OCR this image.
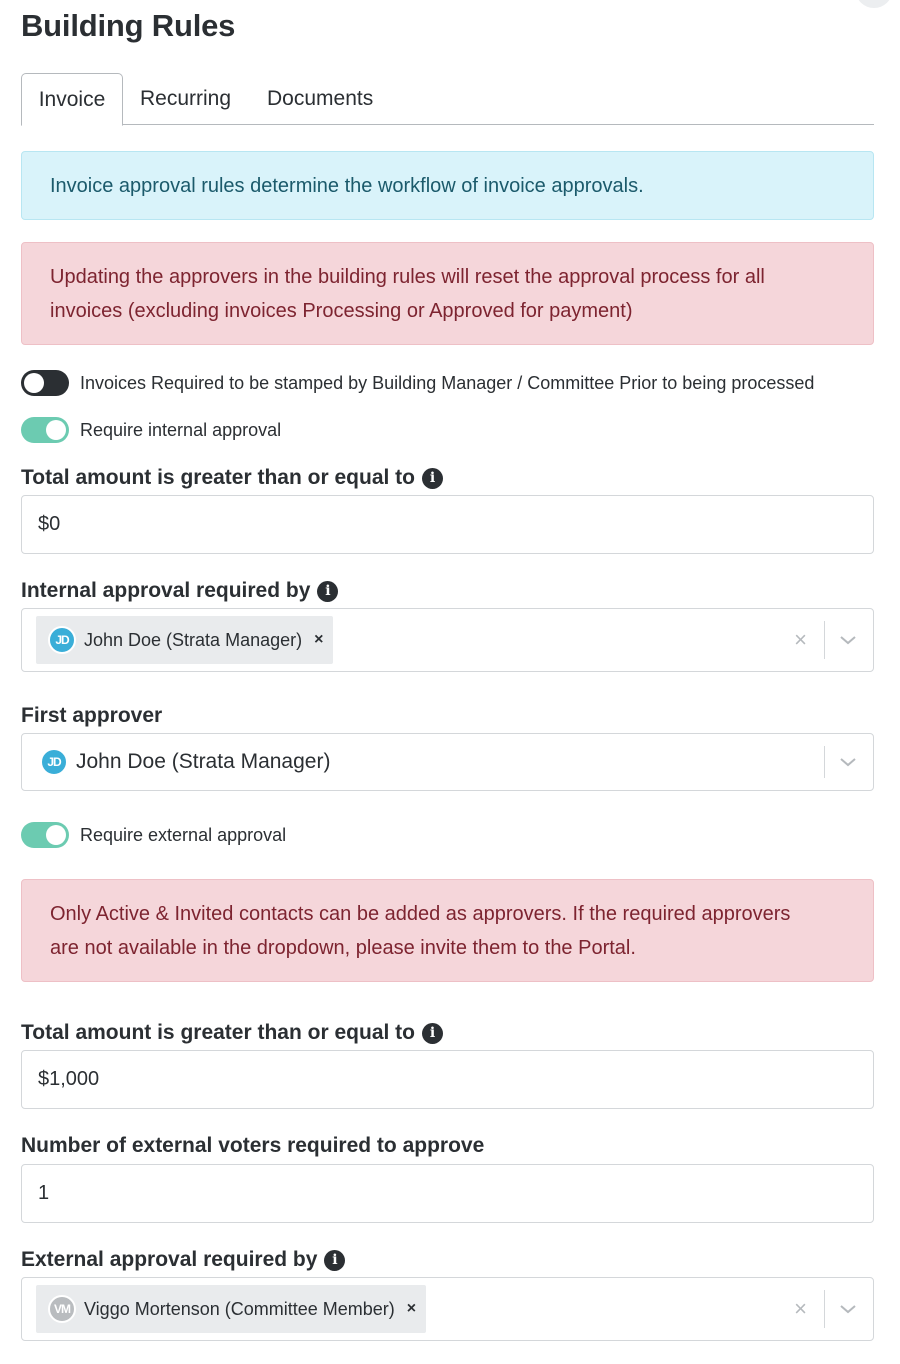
Building Rules
Invoice	Recurring Documents
Invoice approval rules determine the workflow of invoice approvals.
Updating the approvers in the building rules will reset the approval process for all
invoices (excluding invoices Processing or Approved for payment)
Invoices Required to be stamped by Building Manager / Committee Prior to being processed
Require internal approval
Total amount is greater than or equal to	i
$0
Internal approval required by	i
JD John Doe (Strata Manager) ×	×
First approver
JD John Doe (Strata Manager)
Require external approval
Only Active & Invited contacts can be added as approvers. If the required approvers
are not available in the dropdown, please invite them to the Portal.
Total amount is greater than or equal to	i
$1,000
Number of external voters required to approve
1
External approval required by	i
VM Viggo Mortenson (Committee Member) ×	×
